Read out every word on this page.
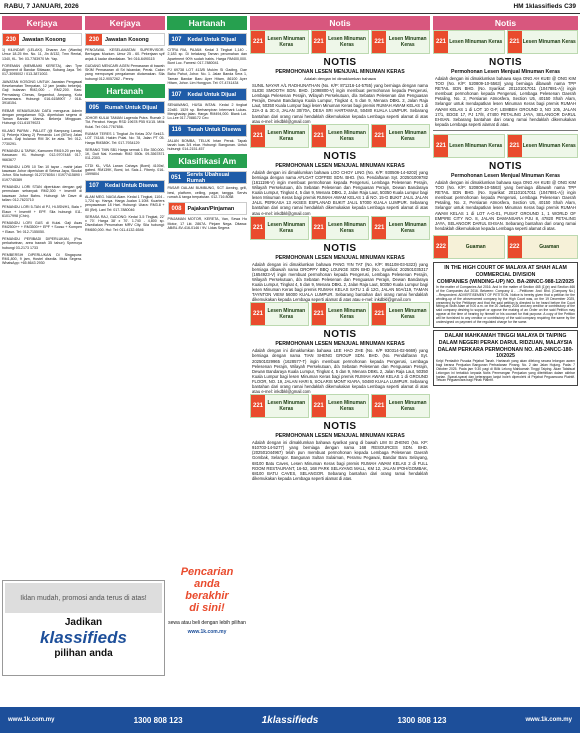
RABU, 7 JANUARI, 2026	HM 1klassifieds C39
Kerjaya
230	Jawatan Kosong
1) KILINDAR (LELAKI). Dharan Am (Wanita) Umur 18-25 thn. No. 11, Jln 8/132, Tmn Rental, 1340, KL. Tel: 03-7783970 Mr. Yap.
FOREMAN (MEMBAIKI KERETA), dan Tyre Alignment di Bandar Sitiawan, Subang Jaya. Tel: 017-3095002 / 013-3871002.
JAWATAN KOSONG UNTUK Jawatan Pengawal Keselamatan Tempatan, 12 jam (waktu bekerja). Gaji bulanan RM2,000 - RM2,200. Kaw: Permatang Cheras, Segambut, Ampang, Kota Damansara. Hubungi: 016-6158907 / 018-3918154.
REBAR KEMASUKAN DATA mengurus Admin dengan pengalaman SQL diperlukan segera di Taman Bandar Utama. Bekerja Mingguan. Hubungi: 011-61579023
KILANG PAPAN - PALLET (@ Kampung Lanas) 1) Pekerja Kilang 2) Pemandu Lori (BTon) Jalan Lanok. Gaji bulanan RM 3K ke atas. Tel: 012-7730291.
PEMANDU & TAPAK, Kamunen RM19-20 per trip. Kawasan: KL Hubungi: 012-9707448 017-9663677
PEMANDU LORI 10 Tan 10 tayar - mahir jalan kawasan Johor diperlukan di Selesa Jaya, Skudai Johor. Sila hubungi: 0127278054 / 01977415890 / 0197745389
PEMANDU LORI STAN diperlukan dengan gaji permulaan sebanyak RM2,300 + insentif di kawasan Johor Bahru. Hubungi: Mr Dave di talian: 012-7623710
PEMANDU LORI 5-TAN di PJ, Hi-5SN/H1, Bala + Elaun + Insentif + EPF. Sila hubungi: 011-61017998 (Chin).
PEMANDU LORI GAS di Kulai. Gaji Asas RM2500++ + RM3500++ EPF + Socso + Kompen + Elaun. Tel: 012-7155050.
PEMANDU PERIBADI DIPERLUKAN, (Pra-perkahwinan, area bawah 35 tahun) Spemoya hubungi 03-2173 1733
PEMBERSIH DIPERLUKAN Di Singapura: RM1,800, 9 jam, Hostel disedia. Mula Segera. WhatsApp: +65 8643 2930
Kerjaya	Hartanah
230	Jawatan Kosong
PENGAWAL KESELAMATAN SUPERVISOR. Bertugas: Muzium. Umur 25 - 60. Pekerjaan syif anjak & kadar disediakan. Tel: 016-6490115
GUDANG MENCARI AGEN Pemasaran di bawah SKIM Pemasaran di Sri Iskandar, Perak. Calon yang mempunyai pengalaman diutamakan. Sila hubungi 012-9057262 - Penny.
Hartanah
095	Rumah Untuk Dijual
JOHOR KULAI TAMAN Lagenda Putra. Rumah 2 Tkt. Perabot. Harga: RSD 19678 P55 91/15. Milik Kulai. Tel: 016-7767656.
RUMAH TERES 1 Tingkat Jln Kelas 20V Sek13. LOT 74148. Hakim Pulai. No: 78, Jalan PT 05. Harga RM380K. Tel: 017-7934129
SERANG TMN SB1 Harga semak 1 Ekr 350,000. 1K, Duit Nal. Kontrak: RM2 550k. 09-3567871 011-2303.
CTDI KL, VSA Lanan Cahaya (Bomi) 4100sf, gabed. RM139K, Bomi, lot. Saiz-1. Fiberiy. 016-1599804
107	Kedai Untuk Disewa
ALAM MEG. NAGA Alam. Kedai 1 Tingkat, 1104 - 1,724 sp. Hanya. Harga Jualan 1.10M. Kuarters penyawawan 18 Hari. Hubungi: Utara: RM3.8 + 80 (Brt). Lani Tel: 017-7880046
SERASA RAJ, GADONG: Kedai 3-5 Tingkat, 22' x 70'. Harga 38' x 70'. 1.740 - 4,800 sp. Disediakan Perumahan MRV City. Sila hubungi: RM650,000. Hui: Tel: 011-4132-6546
107	Kedai Untuk Dijual
CITRA RIA, PAJAM. Kedai 3 Tingkat 1,140 - 2,183 sp. Di belakang Taman perumahan dan Apartment 90% sudah habis. Harga RM400,000. Bunt Luc. Famesi: 017-7880041
PJ 69738 LOT 413/B Mukim Si Gading, Dae Bahu Pahut, Johor. No. 1. Jalan Banda Sera 1, Taman Bandar Baru Ayer Hitam, 86100 Ayer Hitam, Johor. Lim Hongyun. Tel: 07-4741434
107	Kedai Untuk Dijual
SENAWANG, HUSA INTAN. Kedai 2 tingkat 22x80. 1529 sp. Berhampiran Intermark Lukas. Menghadap jalan. Harga: RM494,000. Blank Lot. Lo-Lee 017-7088172 Ceo
116	Tanah Untuk Disewa
JALAN BOMBA, TELUK Intan Perak. Tapak tanah luas 3/4 ekar. Hubungi: Bangunan. Untuk hubungi: 014-2151.457
Klasifikasi Am
051	Servis Ubahsuai Rumah
PASAR DALAM BUMBUNG, SCT Awning, grill, besi, platform, ceiling, pagar, tangga. Servis rumah & tanga berpatutan. 012-716 8058
008	Pajakan/Pinjaman
PINJAMAN MOTOR, KERETA, Van, Sewa Ho Motor, 17 Lkt. 2867A. Pinjam Nega. Ditawa: AB/BL 8V-416-0146 / 9V. Lidas Segera
Iklan mudah, promosi anda terus di atas!
Jadikan
klassifieds
pilihan anda
Pencarian
anda
berakhir
di sini!
sewa atau beli dengan lebih pilihan
www.1k.com.my
Notis
221 Lesen Minuman Keras	221 Lesen Minuman Keras	221 Lesen Minuman Keras
NOTIS
PERMOHONAN LESEN MENJUAL MINUMAN KERAS
Adalah dengan ini dimaklumkan bahawa
SUNIL NAYAR A/L RADHUNATHAN (No. K/P: 871216-14-5755) yang berniaga dengan nama SLIDE SMOOTH SDN. BHD. (1098800-V) ingin membuat permohonan kepada Pengerusi, Lembaga Pelesenan Perajin, Wilayah Persekutuan, d/a Sebatan Pelesenan dan Penguasan Perajin, Dewan Bandaraya Kuala Lumpur, Tingkat 4, 5 dan 9, Menara DBKL 2, Jalan Raja Laut, 50350 Kuala Lumpur bagi lesen Minuman Keras bagi premis RUMAH AWAM KELAS 1 di 22A-3 & 3C-3, JALAN 30/70A, DESA SRI HARTAMAS, 50480 KUALA LUMPUR. Sebarang bantahan dari orang ramai hendaklah dikemukakan kepada Lembaga seperti alamat di atas atau e-mel: inkdbkl@gmail.com
221 Lesen Minuman Keras	221 Lesen Minuman Keras	221 Lesen Minuman Keras
NOTIS
PERMOHONAN LESEN MENJUAL MINUMAN KERAS
Adalah dengan ini dimaklumkan bahawa LOO CHOY LING (No. K/P: 930506-14-6202) yang berniaga dengan nama AFLOAT COFFEE SDN. BHD. (No. Pendaftaran Syt. 202501009782 (1611196-V) ingin membuat permohonan kepada Pengerusi, Lembaga Pelesenan Perajin, Wilayah Persekutuan, d/a Sebatan Pelesenan dan Penguasan Perajin, Dewan Bandaraya Kuala Lumpur, Tingkat 4, 5 dan 9, Menara DBKL 2, Jalan Raja Laut, 50350 Kuala Lumpur bagi lesen Minuman Keras bagi premis RUMAH AWAM KELAS 1 di NO. 15-G BUKIT JALIL JALAN JALIL PERKASA 13 AKSES ESPLANAD BUKIT JALIL 57000 KUALA LUMPUR. Sebarang bantahan dari orang ramai hendaklah dikemukakan kepada Lembaga seperti alamat di atas atau e-mel: inkdbkl@gmail.com
221 Lesen Minuman Keras	221 Lesen Minuman Keras	221 Lesen Minuman Keras
NOTIS
PERMOHONAN LESEN MENJUAL MINUMAN KERAS
Adalah dengan ini dimaklumkan bahawa PANG YIN TAT (No. K/P: 951108-03-5323) yang berniaga dibawah nama DROPPY BBQ LOUNGE SDN BHD (No. Syarikat: 202501035317 (1654923-V) ingin membuat permohonan kepada Pengerusi, Lembaga Pelesenan Perajin, Wilayah Persekutuan, d/a Sebatan Pelesenan dan Penguasan Perajin, Dewan Bandaraya Kuala Lumpur, Tingkat 4, 5 dan 9, Menara DBKL 2, Jalan Raja Laut, 50350 Kuala Lumpur bagi lesen Minuman Keras bagi premis RUMAH KELAS SATU 1 di 12G, JALAN 50A/119, TAMAN TAYNTON VIEW 56000 KUALA LUMPUR. Sebarang bantahan dari orang ramai hendaklah dikemukakan kepada Lembaga seperti alamat di atas atau e-mel: inkdbkl@gmail.com
221 Lesen Minuman Keras	221 Lesen Minuman Keras	221 Lesen Minuman Keras
NOTIS
PERMOHONAN LESEN MENJUAL MINUMAN KERAS
Adalah dengan ini dimaklumkan bahawa LEE HAO ZHE (No. K/P 930314-02-5669) yang berniaga dengan nama TIAN SHENG GROUP SDN. BHD. (No. Pendaftaran Syt. 202501029965 (1628577-T) ingin membuat permohonan kepada Pengerusi, Lembaga Pelesenan Perajin, Wilayah Persekutuan, d/a Sebatan Pelesenan dan Penguasan Perajin, Dewan Bandaraya Kuala Lumpur, Tingkat 4, 5 dan 9, Menara DBKL 2, Jalan Raja Laut, 50350 Kuala Lumpur bagi lesen Minuman Keras bagi premis RUMAH AWAM KELAS 1 di GROUND FLOOR, NO. 19, JALAN HARI 5, SOLARIS MONT KIARA, 50480 KUALA LUMPUR. Sebarang bantahan dari orang ramai hendaklah dikemukakan kepada Lembaga seperti alamat di atas atau e-mel: inkdbkl@gmail.com
221 Lesen Minuman Keras	221 Lesen Minuman Keras	221 Lesen Minuman Keras
NOTIS
PERMOHONAN LESEN MENJUAL MINUMAN KERAS
Adalah dengan ini dimaklumkan bahawa syarikat yang di bawah LIM SI ZHENG (No. KP: 910703-14-5277) yang berniaga dengan nama 168 RESOURCES SDN. BHD. (202501044967) telah pun membuat permohonan kepada Lembaga Pelesenan Daerah Gombak, Selangor. Bangunan Sultan Sulaiman, Peramu Pegawai, Bandar Baru Selayang, 68100 Batu Caves, Lesen Minuman Keras bagi premis RUMAH AWAM KELAS 2 di FULL ROOM RESTAURANT, 16-52, 168 PARK SELAYANG MALL, KM 12, JALAN IPOH/GOMBAK, 68100 BATU CAVES, SELANGOR. Sebarang bantahan dari orang ramai hendaklah dikemukakan kepada Lembaga seperti alamat di atas.
Notis
221 Lesen Minuman Keras	221 Lesen Minuman Keras
NOTIS
Permohonan Lesen Menjual Minuman Keras
Adalah dengan ini dimaklumkan bahawa saya ONG AH KUEI @ ONG KIM TOO (No. K/P: 520809-10-5563) yang berniaga dibawah nama TPP RETAIL SDN BHD. (No. Syarikat: 201101017011 (1047881-A)) ingin membuat permohonan kepada Pengerusi, Lembaga Pelesenan Daerah Petaling, No. 2, Persiaran Atmosfera, Section U5, 40150 Shah Alam, Selangor untuk mendapatkan lesen Minuman Keras bagi premis RUMAH AWAM KELAS 1 di LOT 10 G-F, LEMBEH GROUND 3, NO 105, JALAN 17/1, EDGE 17, PJ 17/8, 47400 PETALING JAYA, SELANGOR DARUL EHSAN. Sebarang bantahan dari orang ramai hendaklah dikemukakan kepada Lembaga seperti alamat di atas.
221 Lesen Minuman Keras	221 Lesen Minuman Keras
NOTIS
Permohonan Lesen Menjual Minuman Keras
Adalah dengan ini dimaklumkan bahawa saya ONG AH KUEI @ ONG KIM TOO (No. K/P: 520809-10-5563) yang berniaga dibawah nama TPP RETAIL SDN BHD. (No. Syarikat: 201101017011 (1047881-A)) ingin membuat permohonan kepada Pengerusi, Lembaga Pelesenan Daerah Petaling, No. 2, Persiaran Atmosfera, Section U5, 40150 Shah Alam, Selangor untuk mendapatkan lesen Minuman Keras bagi premis RUMAH AWAM KELAS 1 di LOT A-G-01, PUSAT GROUND 1, 1 WORLD OF EMPIRE CITY NO. 8, JALAN DAMANSARA PJU 8, 47820 PETALING JAYA, SELANGOR DARUL EHSAN. Sebarang bantahan dari orang ramai hendaklah dikemukakan kepada Lembaga seperti alamat di atas.
222	Guaman	222	Guaman
IN THE HIGH COURT OF MALAYA AT SHAH ALAM
COMMERCIAL DIVISION
COMPANIES (WINDING-UP) NO. BA-28NCC-988-12/2025
In the matter of Companies Act 2016. And In the matter of Section 465 (1)(e) and Section 466 of the Companies Act 2016. Between: Company A - ...Petitioner. And: Bhd. (Company No.) ...Respondent. ADVERTISEMENT OF PETITION. Notice is hereby given that a petition for the winding-up of the abovenamed company by the High Court was, on the 19 December 2025, presented by the Petitioner and that the said petition is directed to be heard before the Court sitting at Shah Alam at 9.00 a.m. on the 20 January 2026 and any creditor or contributory of the said company desiring to support or oppose the making of an Order on the said Petition may appear at the time of hearing by himself or his counsel for that purpose. A copy of the Petition will be furnished to any creditor or contributory of the said company requiring the same by the undersigned on payment of the regulated charge for the same.
DALAM MAHKAMAH TINGGI MALAYA DI TAIPING
DALAM NEGERI PERAK DARUL RIDZUAN, MALAYSIA
DALAM PERKARA PERMOHONAN NO. AB-24NCC-180-10/2025
Kelpi Pentadbir Pusaka Pejabat Tanah. Hartanah yang akan dilelong secara lelongan awam bagi kerana Penjualan Bangunan Perbadanan Pinang. No. 2 dan Jalan Hujung. Pada: 7 Oktober 2025. Pada jam 9.30 pagi di Bilik Lelong Mahkamah Tinggi Taiping. Akan Tatabuat Lelongan ini tertakluk kepada Notis Penerangan Penjualan yang diterbitkan dalam akhbar harian. Syarat-syarat dan keterangan lanjut boleh diperolehi di Pejabat Peguamcara Plaintif. Tetuan Peguamcara bagi Pihak Plaintif.
www.1k.com.my	1300 808 123	1klassifieds	1300 808 123	www.1k.com.my
